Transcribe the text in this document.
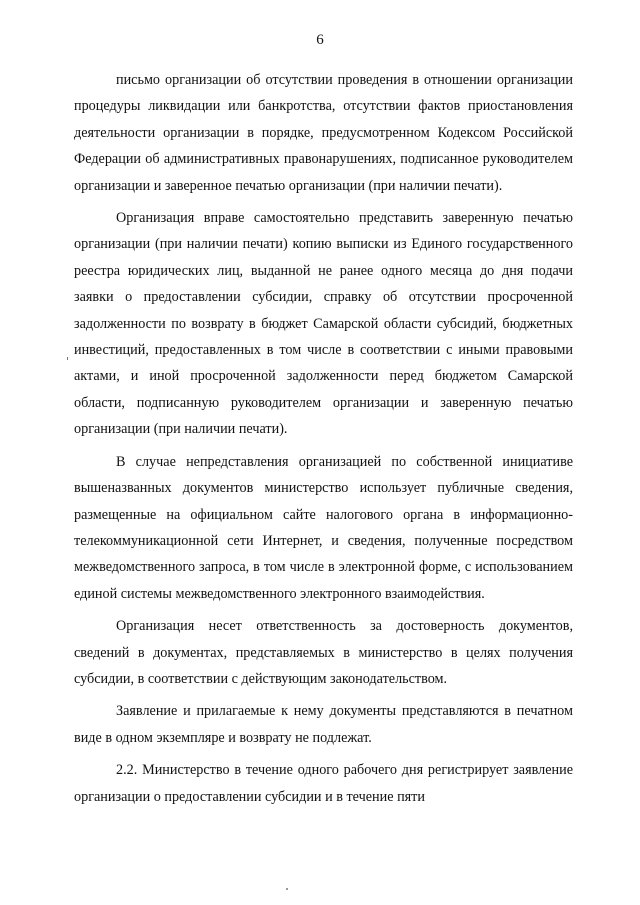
6

письмо организации об отсутствии проведения в отношении организации процедуры ликвидации или банкротства, отсутствии фактов приостановления деятельности организации в порядке, предусмотренном Кодексом Российской Федерации об административных правонарушениях, подписанное руководителем организации и заверенное печатью организации (при наличии печати).

Организация вправе самостоятельно представить заверенную печатью организации (при наличии печати) копию выписки из Единого государственного реестра юридических лиц, выданной не ранее одного месяца до дня подачи заявки о предоставлении субсидии, справку об отсутствии просроченной задолженности по возврату в бюджет Самарской области субсидий, бюджетных инвестиций, предоставленных в том числе в соответствии с иными правовыми актами, и иной просроченной задолженности перед бюджетом Самарской области, подписанную руководителем организации и заверенную печатью организации (при наличии печати).

В случае непредставления организацией по собственной инициативе вышеназванных документов министерство использует публичные сведения, размещенные на официальном сайте налогового органа в информационно-телекоммуникационной сети Интернет, и сведения, полученные посредством межведомственного запроса, в том числе в электронной форме, с использованием единой системы межведомственного электронного взаимодействия.

Организация несет ответственность за достоверность документов, сведений в документах, представляемых в министерство в целях получения субсидии, в соответствии с действующим законодательством.

Заявление и прилагаемые к нему документы представляются в печатном виде в одном экземпляре и возврату не подлежат.

2.2. Министерство в течение одного рабочего дня регистрирует заявление организации о предоставлении субсидии и в течение пяти
